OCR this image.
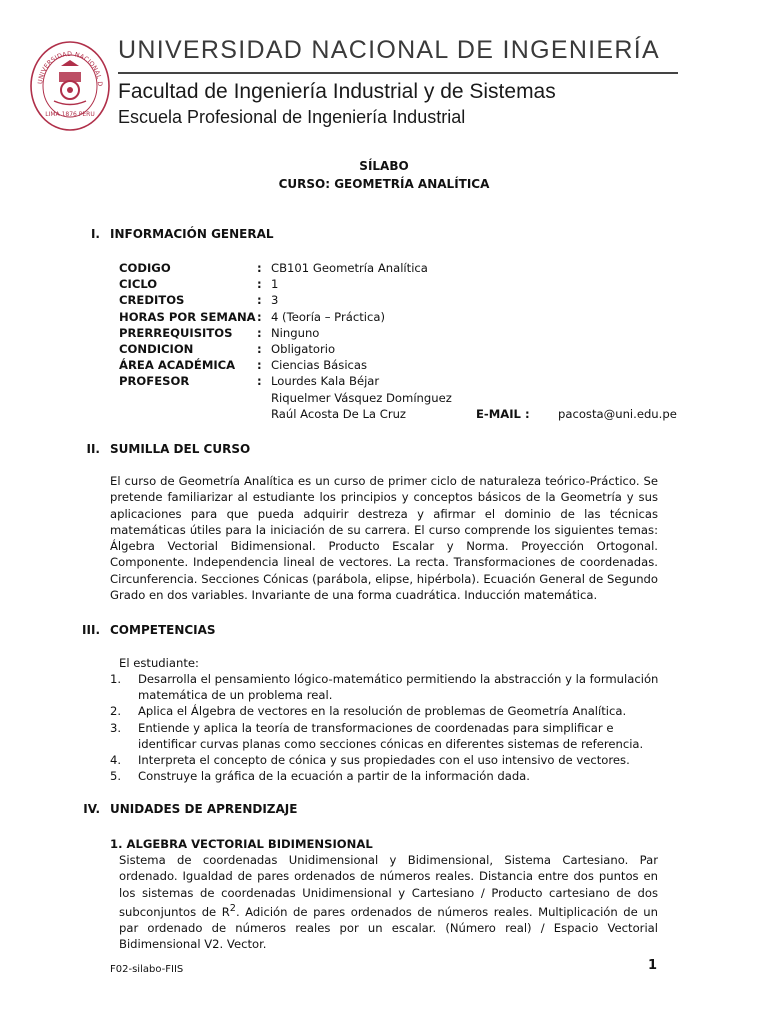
UNIVERSIDAD NACIONAL D
LIMA 1876 PERU
UNIVERSIDAD NACIONAL DE INGENIERÍA
Facultad de Ingeniería Industrial y de Sistemas
Escuela Profesional de Ingeniería Industrial
SÍLABO
CURSO: GEOMETRÍA ANALÍTICA
I. INFORMACIÓN GENERAL
CODIGO	: CB101 Geometría Analítica
CICLO	: 1
CREDITOS	: 3
HORAS POR SEMANA : 4 (Teoría – Práctica)
PRERREQUISITOS	: Ninguno
CONDICION	: Obligatorio
ÁREA ACADÉMICA	: Ciencias Básicas
PROFESOR	: Lourdes Kala Béjar
Riquelmer Vásquez Domínguez
Raúl Acosta De La Cruz	E-MAIL :	pacosta@uni.edu.pe
II. SUMILLA DEL CURSO
El curso de Geometría Analítica es un curso de primer ciclo de naturaleza teórico-Práctico. Se pretende familiarizar al estudiante los principios y conceptos básicos de la Geometría y sus aplicaciones para que pueda adquirir destreza y afirmar el dominio de las técnicas matemáticas útiles para la iniciación de su carrera. El curso comprende los siguientes temas: Álgebra Vectorial Bidimensional. Producto Escalar y Norma. Proyección Ortogonal. Componente. Independencia lineal de vectores. La recta. Transformaciones de coordenadas. Circunferencia. Secciones Cónicas (parábola, elipse, hipérbola). Ecuación General de Segundo Grado en dos variables. Invariante de una forma cuadrática. Inducción matemática.
III. COMPETENCIAS
El estudiante:
1.	Desarrolla el pensamiento lógico-matemático permitiendo la abstracción y la formulación matemática de un problema real.
2.	Aplica el Álgebra de vectores en la resolución de problemas de Geometría Analítica.
3.	Entiende y aplica la teoría de transformaciones de coordenadas para simplificar e identificar curvas planas como secciones cónicas en diferentes sistemas de referencia.
4.	Interpreta el concepto de cónica y sus propiedades con el uso intensivo de vectores.
5.	Construye la gráfica de la ecuación a partir de la información dada.
IV. UNIDADES DE APRENDIZAJE
1. ALGEBRA VECTORIAL BIDIMENSIONAL
Sistema de coordenadas Unidimensional y Bidimensional, Sistema Cartesiano. Par ordenado. Igualdad de pares ordenados de números reales. Distancia entre dos puntos en los sistemas de coordenadas Unidimensional y Cartesiano / Producto cartesiano de dos subconjuntos de $R^2$. Adición de pares ordenados de números reales. Multiplicación de un par ordenado de números reales por un escalar. (Número real) / Espacio Vectorial Bidimensional V2. Vector.
F02-silabo-FIIS	1
